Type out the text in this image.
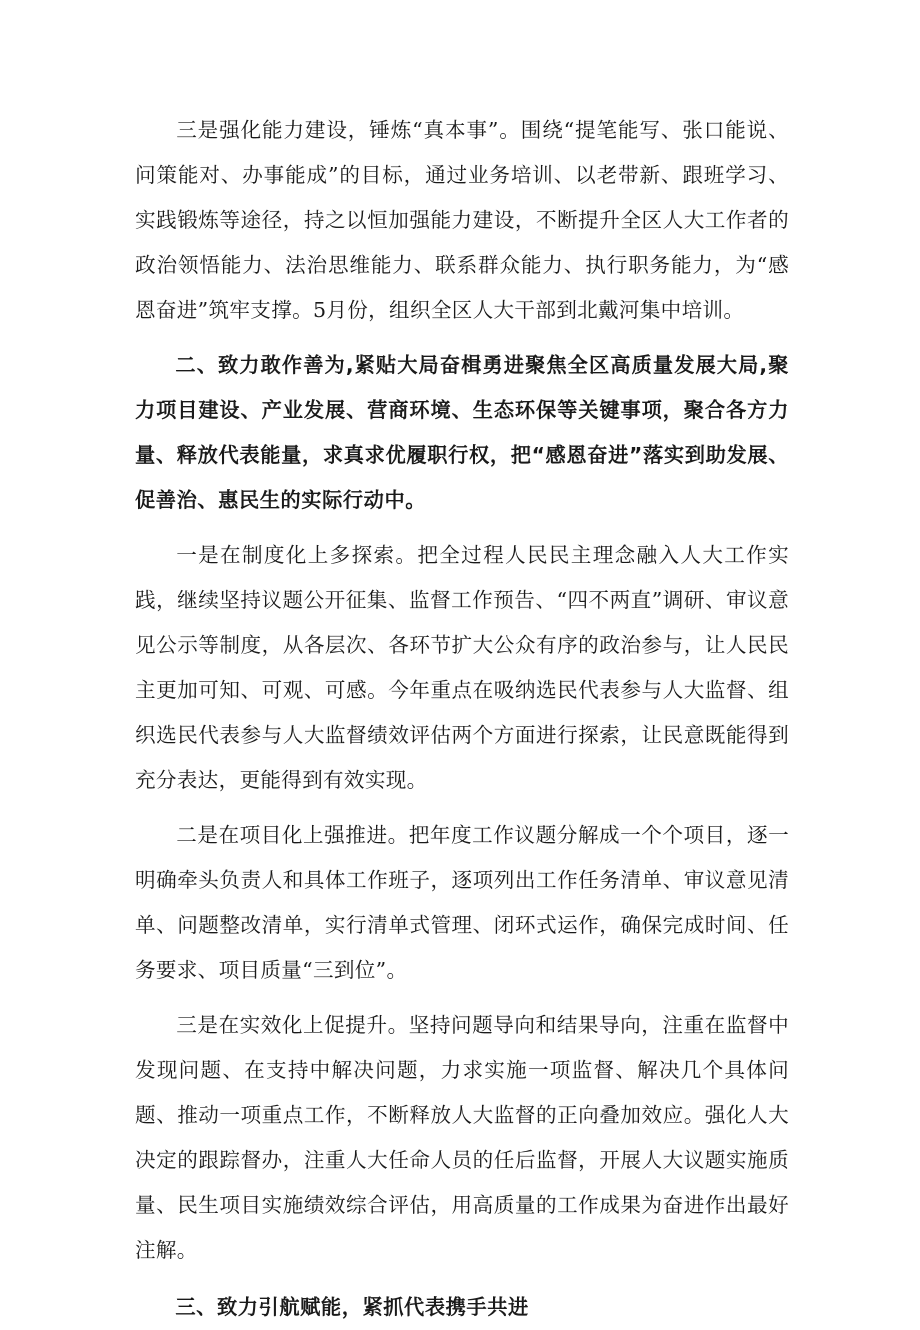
三是强化能力建设，锤炼“真本事”。围绕“提笔能写、张口能说、问策能对、办事能成”的目标，通过业务培训、以老带新、跟班学习、实践锻炼等途径，持之以恒加强能力建设，不断提升全区人大工作者的政治领悟能力、法治思维能力、联系群众能力、执行职务能力，为“感恩奋进”筑牢支撑。5月份，组织全区人大干部到北戴河集中培训。

二、致力敢作善为,紧贴大局奋楫勇进聚焦全区高质量发展大局,聚力项目建设、产业发展、营商环境、生态环保等关键事项，聚合各方力量、释放代表能量，求真求优履职行权，把“感恩奋进”落实到助发展、促善治、惠民生的实际行动中。

一是在制度化上多探索。把全过程人民民主理念融入人大工作实践，继续坚持议题公开征集、监督工作预告、“四不两直”调研、审议意见公示等制度，从各层次、各环节扩大公众有序的政治参与，让人民民主更加可知、可观、可感。今年重点在吸纳选民代表参与人大监督、组织选民代表参与人大监督绩效评估两个方面进行探索，让民意既能得到充分表达，更能得到有效实现。

二是在项目化上强推进。把年度工作议题分解成一个个项目，逐一明确牵头负责人和具体工作班子，逐项列出工作任务清单、审议意见清单、问题整改清单，实行清单式管理、闭环式运作，确保完成时间、任务要求、项目质量“三到位”。

三是在实效化上促提升。坚持问题导向和结果导向，注重在监督中发现问题、在支持中解决问题，力求实施一项监督、解决几个具体问题、推动一项重点工作，不断释放人大监督的正向叠加效应。强化人大决定的跟踪督办，注重人大任命人员的任后监督，开展人大议题实施质量、民生项目实施绩效综合评估，用高质量的工作成果为奋进作出最好注解。

三、致力引航赋能，紧抓代表携手共进
